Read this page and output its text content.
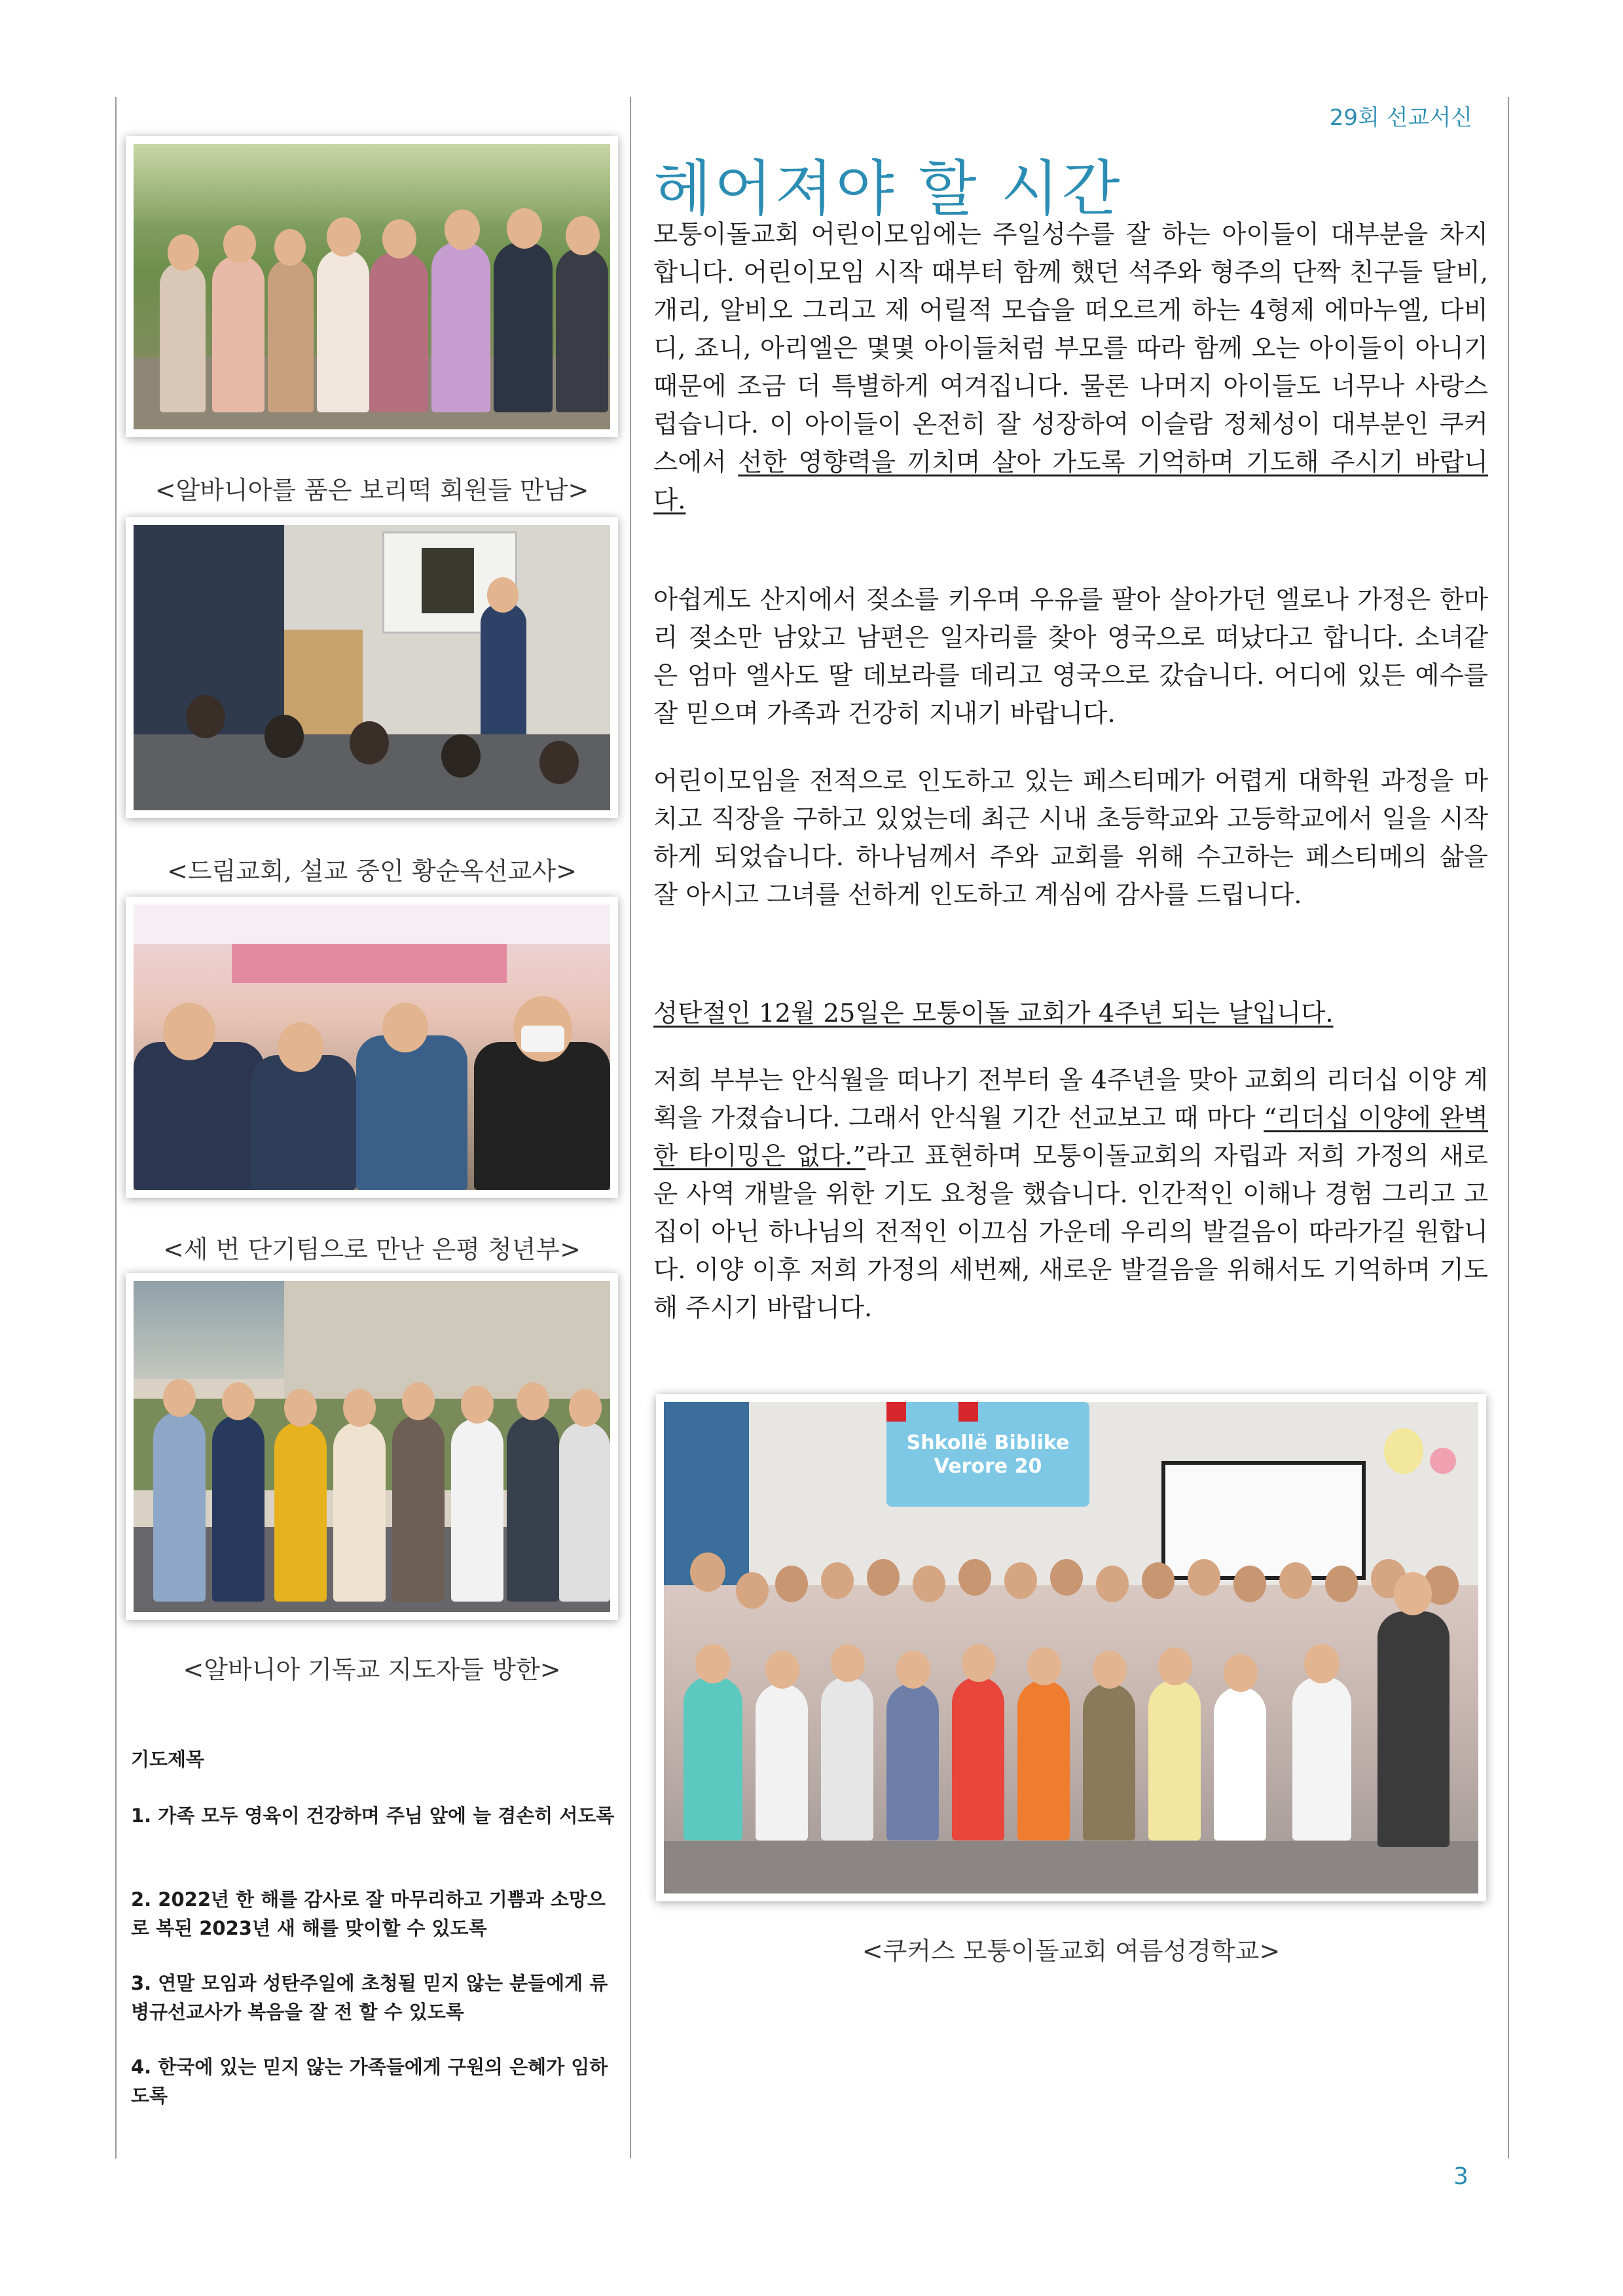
29회 선교서신
헤어져야 할 시간
<알바니아를 품은 보리떡 회원들 만남>
<드림교회, 설교 중인 황순옥선교사>
<세 번 단기팀으로 만난 은평 청년부>
<알바니아 기독교 지도자들 방한>
기도제목
1. 가족 모두 영육이 건강하며 주님 앞에 늘 겸손히 서도록
2. 2022년 한 해를 감사로 잘 마무리하고 기쁨과 소망으로 복된 2023년 새 해를 맞이할 수 있도록
3. 연말 모임과 성탄주일에 초청될 믿지 않는 분들에게 류병규선교사가 복음을 잘 전 할 수 있도록
4. 한국에 있는 믿지 않는 가족들에게 구원의 은혜가 임하도록

모퉁이돌교회 어린이모임에는 주일성수를 잘 하는 아이들이 대부분을 차지합니다. 어린이모임 시작 때부터 함께 했던 석주와 형주의 단짝 친구들 달비, 개리, 알비오 그리고 제 어릴적 모습을 떠오르게 하는 4형제 에마누엘, 다비디, 죠니, 아리엘은 몇몇 아이들처럼 부모를 따라 함께 오는 아이들이 아니기 때문에 조금 더 특별하게 여겨집니다. 물론 나머지 아이들도 너무나 사랑스럽습니다. 이 아이들이 온전히 잘 성장하여 이슬람 정체성이 대부분인 쿠커스에서 선한 영향력을 끼치며 살아 가도록 기억하며 기도해 주시기 바랍니다.

아쉽게도 산지에서 젖소를 키우며 우유를 팔아 살아가던 엘로나 가정은 한마리 젖소만 남았고 남편은 일자리를 찾아 영국으로 떠났다고 합니다. 소녀같은 엄마 엘사도 딸 데보라를 데리고 영국으로 갔습니다. 어디에 있든 예수를 잘 믿으며 가족과 건강히 지내기 바랍니다.

어린이모임을 전적으로 인도하고 있는 페스티메가 어렵게 대학원 과정을 마치고 직장을 구하고 있었는데 최근 시내 초등학교와 고등학교에서 일을 시작하게 되었습니다. 하나님께서 주와 교회를 위해 수고하는 페스티메의 삶을 잘 아시고 그녀를 선하게 인도하고 계심에 감사를 드립니다.

성탄절인 12월 25일은 모퉁이돌 교회가 4주년 되는 날입니다.

저희 부부는 안식월을 떠나기 전부터 올 4주년을 맞아 교회의 리더십 이양 계획을 가졌습니다. 그래서 안식월 기간 선교보고 때 마다 “리더십 이양에 완벽한 타이밍은 없다.”라고 표현하며 모퉁이돌교회의 자립과 저희 가정의 새로운 사역 개발을 위한 기도 요청을 했습니다. 인간적인 이해나 경험 그리고 고집이 아닌 하나님의 전적인 이끄심 가운데 우리의 발걸음이 따라가길 원합니다. 이양 이후 저희 가정의 세번째, 새로운 발걸음을 위해서도 기억하며 기도해 주시기 바랍니다.

Shkollë Biblike
Verore 20
<쿠커스 모퉁이돌교회 여름성경학교>
3
